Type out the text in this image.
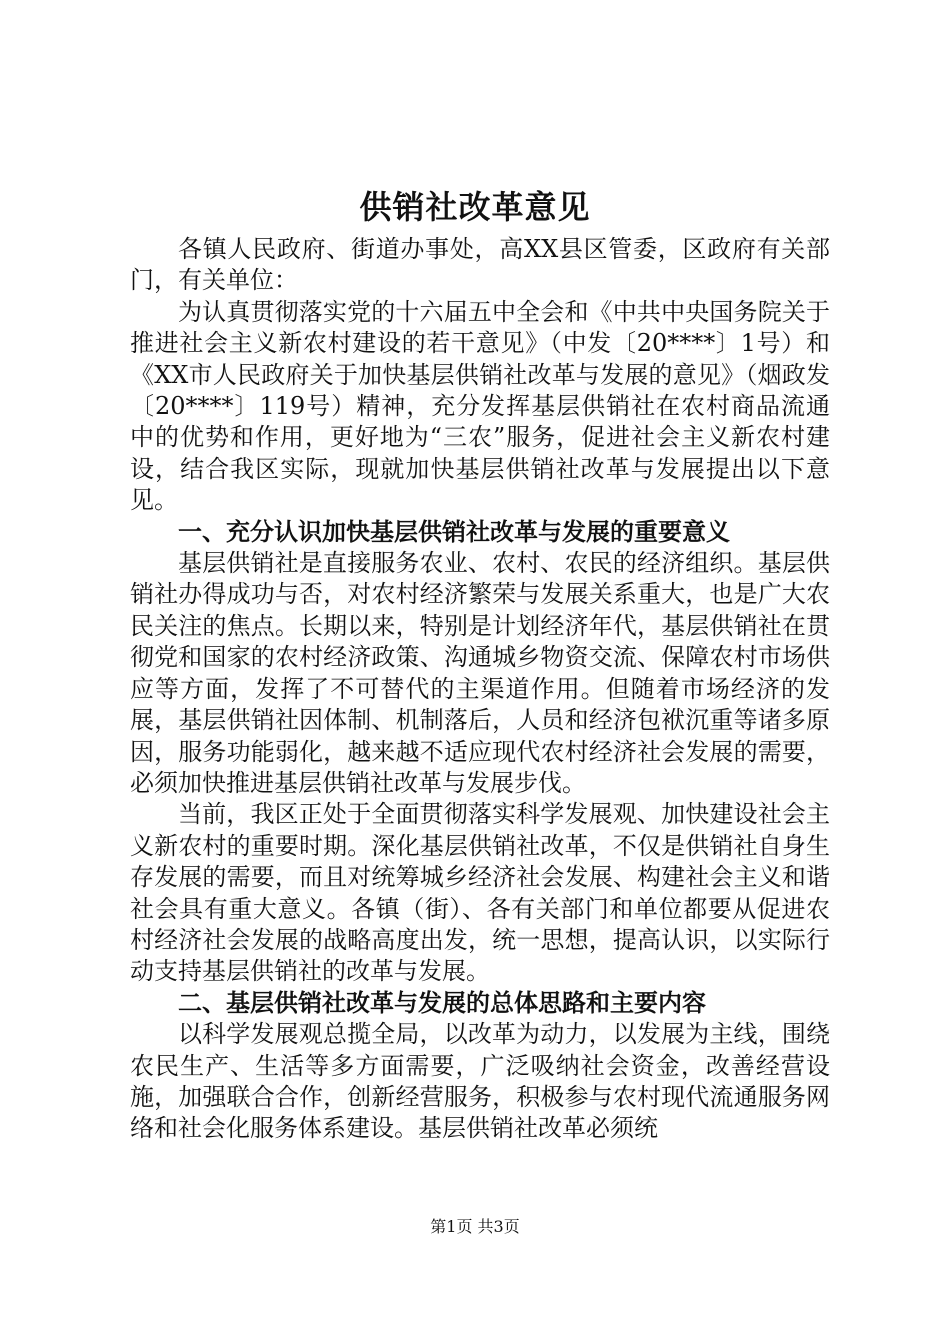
供销社改革意见

各镇人民政府、街道办事处，高XX县区管委，区政府有关部门，有关单位：

为认真贯彻落实党的十六届五中全会和《中共中央国务院关于推进社会主义新农村建设的若干意见》（中发〔20****〕1号）和《XX市人民政府关于加快基层供销社改革与发展的意见》（烟政发〔20****〕119号）精神，充分发挥基层供销社在农村商品流通中的优势和作用，更好地为“三农”服务，促进社会主义新农村建设，结合我区实际，现就加快基层供销社改革与发展提出以下意见。

一、充分认识加快基层供销社改革与发展的重要意义

基层供销社是直接服务农业、农村、农民的经济组织。基层供销社办得成功与否，对农村经济繁荣与发展关系重大，也是广大农民关注的焦点。长期以来，特别是计划经济年代，基层供销社在贯彻党和国家的农村经济政策、沟通城乡物资交流、保障农村市场供应等方面，发挥了不可替代的主渠道作用。但随着市场经济的发展，基层供销社因体制、机制落后，人员和经济包袱沉重等诸多原因，服务功能弱化，越来越不适应现代农村经济社会发展的需要，必须加快推进基层供销社改革与发展步伐。

当前，我区正处于全面贯彻落实科学发展观、加快建设社会主义新农村的重要时期。深化基层供销社改革，不仅是供销社自身生存发展的需要，而且对统筹城乡经济社会发展、构建社会主义和谐社会具有重大意义。各镇（街）、各有关部门和单位都要从促进农村经济社会发展的战略高度出发，统一思想，提高认识，以实际行动支持基层供销社的改革与发展。

二、基层供销社改革与发展的总体思路和主要内容

以科学发展观总揽全局，以改革为动力，以发展为主线，围绕农民生产、生活等多方面需要，广泛吸纳社会资金，改善经营设施，加强联合合作，创新经营服务，积极参与农村现代流通服务网络和社会化服务体系建设。基层供销社改革必须统

第1页 共3页
